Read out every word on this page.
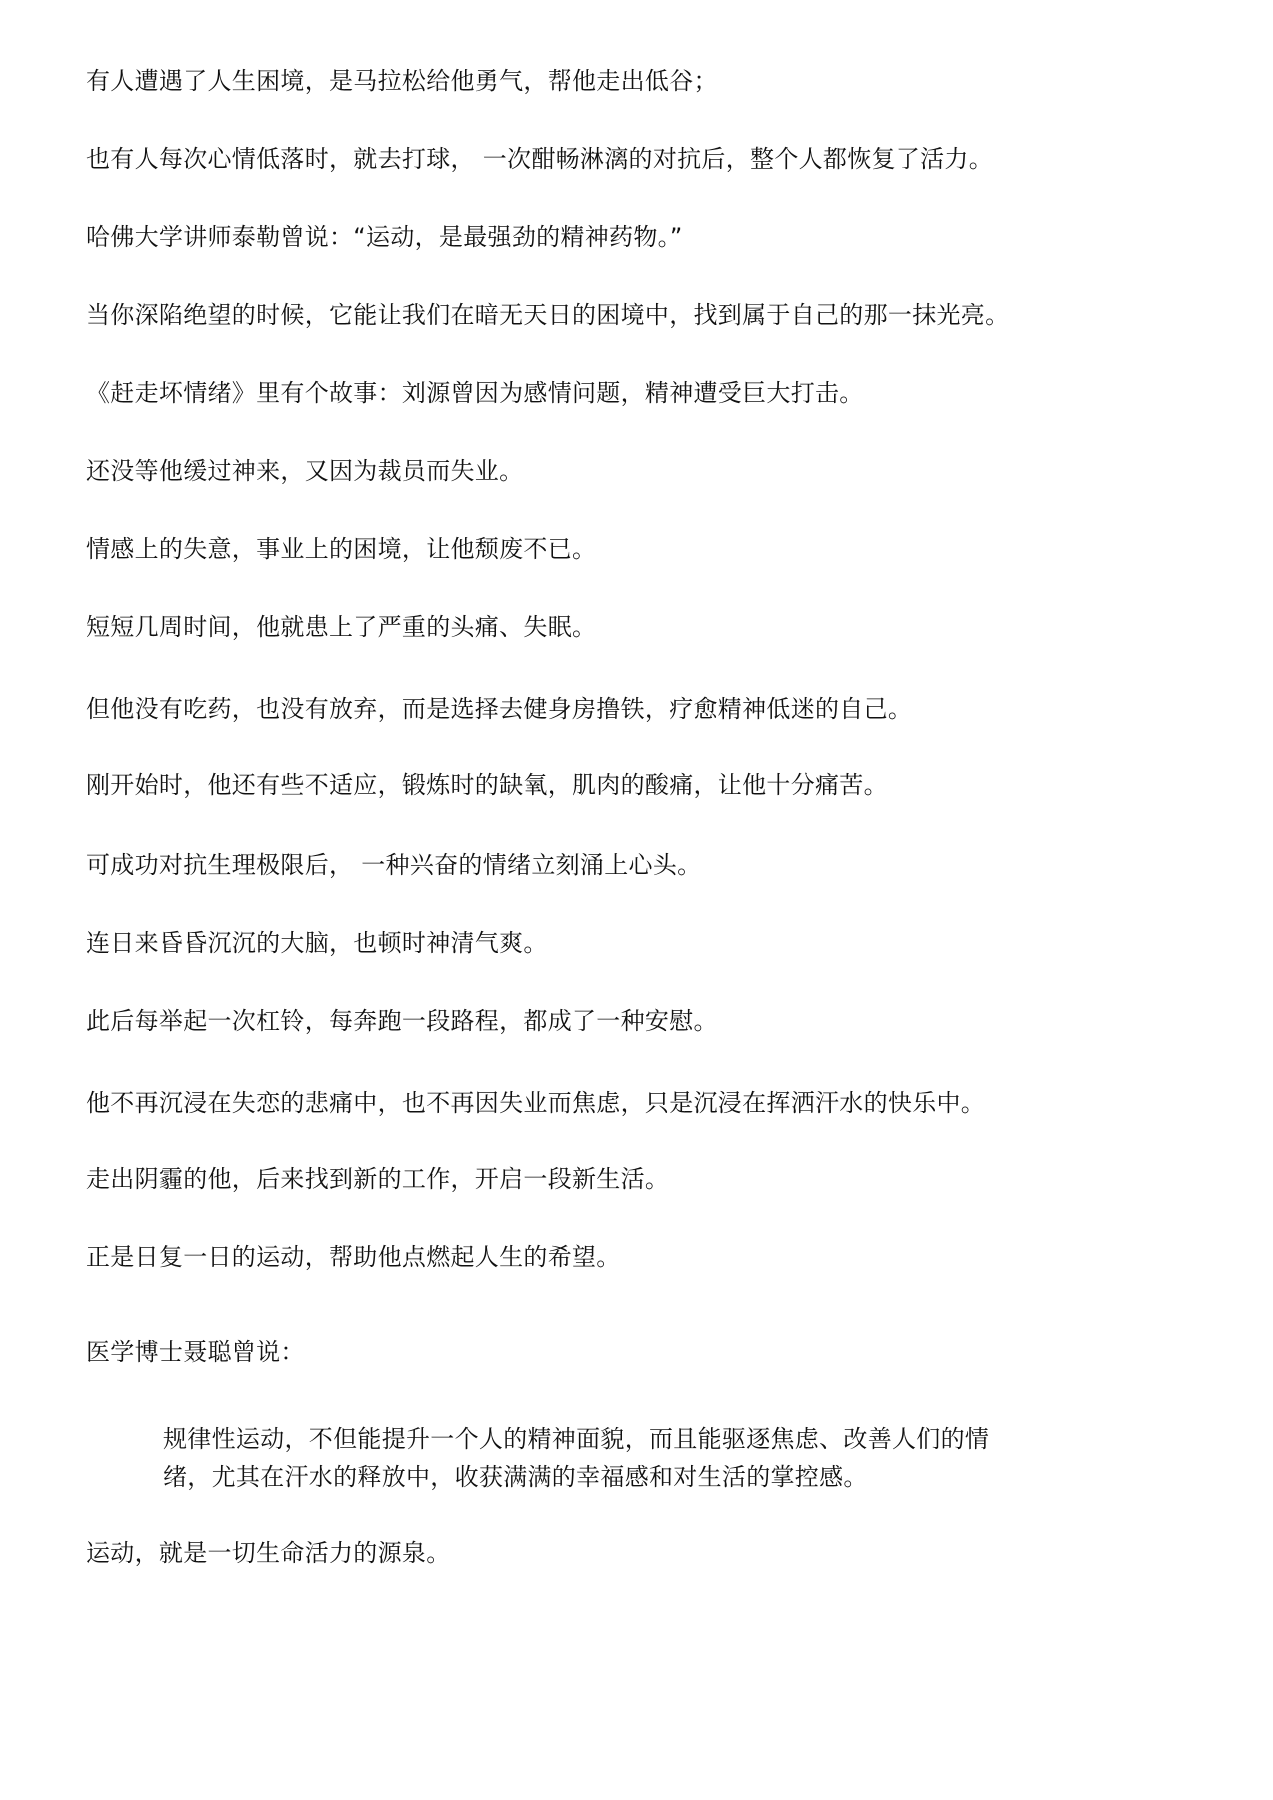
有人遭遇了人生困境，是马拉松给他勇气，帮他走出低谷；

也有人每次心情低落时，就去打球， 一次酣畅淋漓的对抗后，整个人都恢复了活力。

哈佛大学讲师泰勒曾说：“运动，是最强劲的精神药物。”

当你深陷绝望的时候，它能让我们在暗无天日的困境中，找到属于自己的那一抹光亮。

《赶走坏情绪》里有个故事：刘源曾因为感情问题，精神遭受巨大打击。

还没等他缓过神来，又因为裁员而失业。

情感上的失意，事业上的困境，让他颓废不已。

短短几周时间，他就患上了严重的头痛、失眠。

但他没有吃药，也没有放弃，而是选择去健身房撸铁，疗愈精神低迷的自己。

刚开始时，他还有些不适应，锻炼时的缺氧，肌肉的酸痛，让他十分痛苦。

可成功对抗生理极限后， 一种兴奋的情绪立刻涌上心头。

连日来昏昏沉沉的大脑，也顿时神清气爽。

此后每举起一次杠铃，每奔跑一段路程，都成了一种安慰。

他不再沉浸在失恋的悲痛中，也不再因失业而焦虑，只是沉浸在挥洒汗水的快乐中。

走出阴霾的他，后来找到新的工作，开启一段新生活。

正是日复一日的运动，帮助他点燃起人生的希望。

医学博士聂聪曾说：

规律性运动，不但能提升一个人的精神面貌，而且能驱逐焦虑、改善人们的情
绪，尤其在汗水的释放中，收获满满的幸福感和对生活的掌控感。

运动，就是一切生命活力的源泉。
